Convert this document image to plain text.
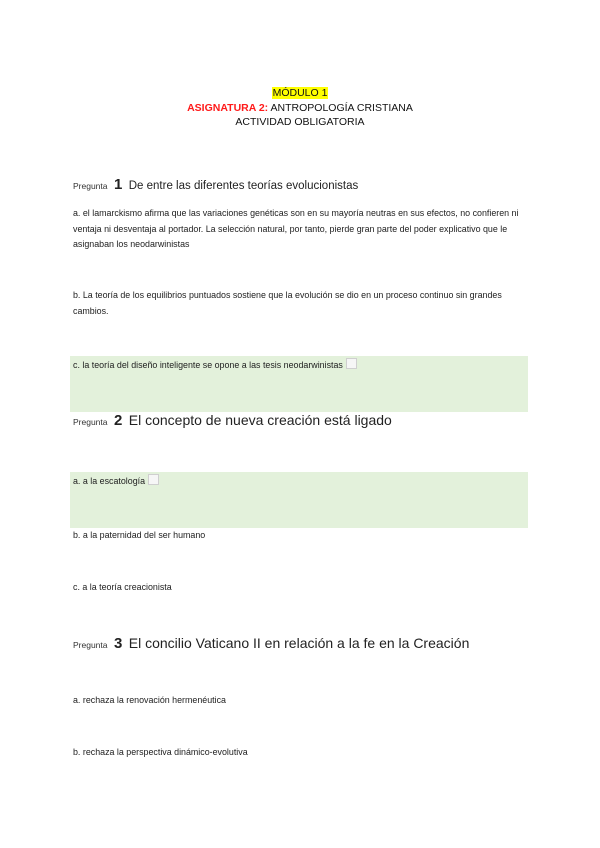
MÓDULO 1
ASIGNATURA 2: ANTROPOLOGÍA CRISTIANA
ACTIVIDAD OBLIGATORIA
Pregunta 1 De entre las diferentes teorías evolucionistas
a. el lamarckismo afirma que las variaciones genéticas son en su mayoría neutras en sus efectos, no confieren ni ventaja ni desventaja al portador. La selección natural, por tanto, pierde gran parte del poder explicativo que le asignaban los neodarwinistas
b. La teoría de los equilibrios puntuados sostiene que la evolución se dio en un proceso continuo sin grandes cambios.
c. la teoría del diseño inteligente se opone a las tesis neodarwinistas
Pregunta 2 El concepto de nueva creación está ligado
a. a la escatología
b. a la paternidad del ser humano
c. a la teoría creacionista
Pregunta 3 El concilio Vaticano II en relación a la fe en la Creación
a. rechaza la renovación hermenéutica
b. rechaza la perspectiva dinámico-evolutiva
